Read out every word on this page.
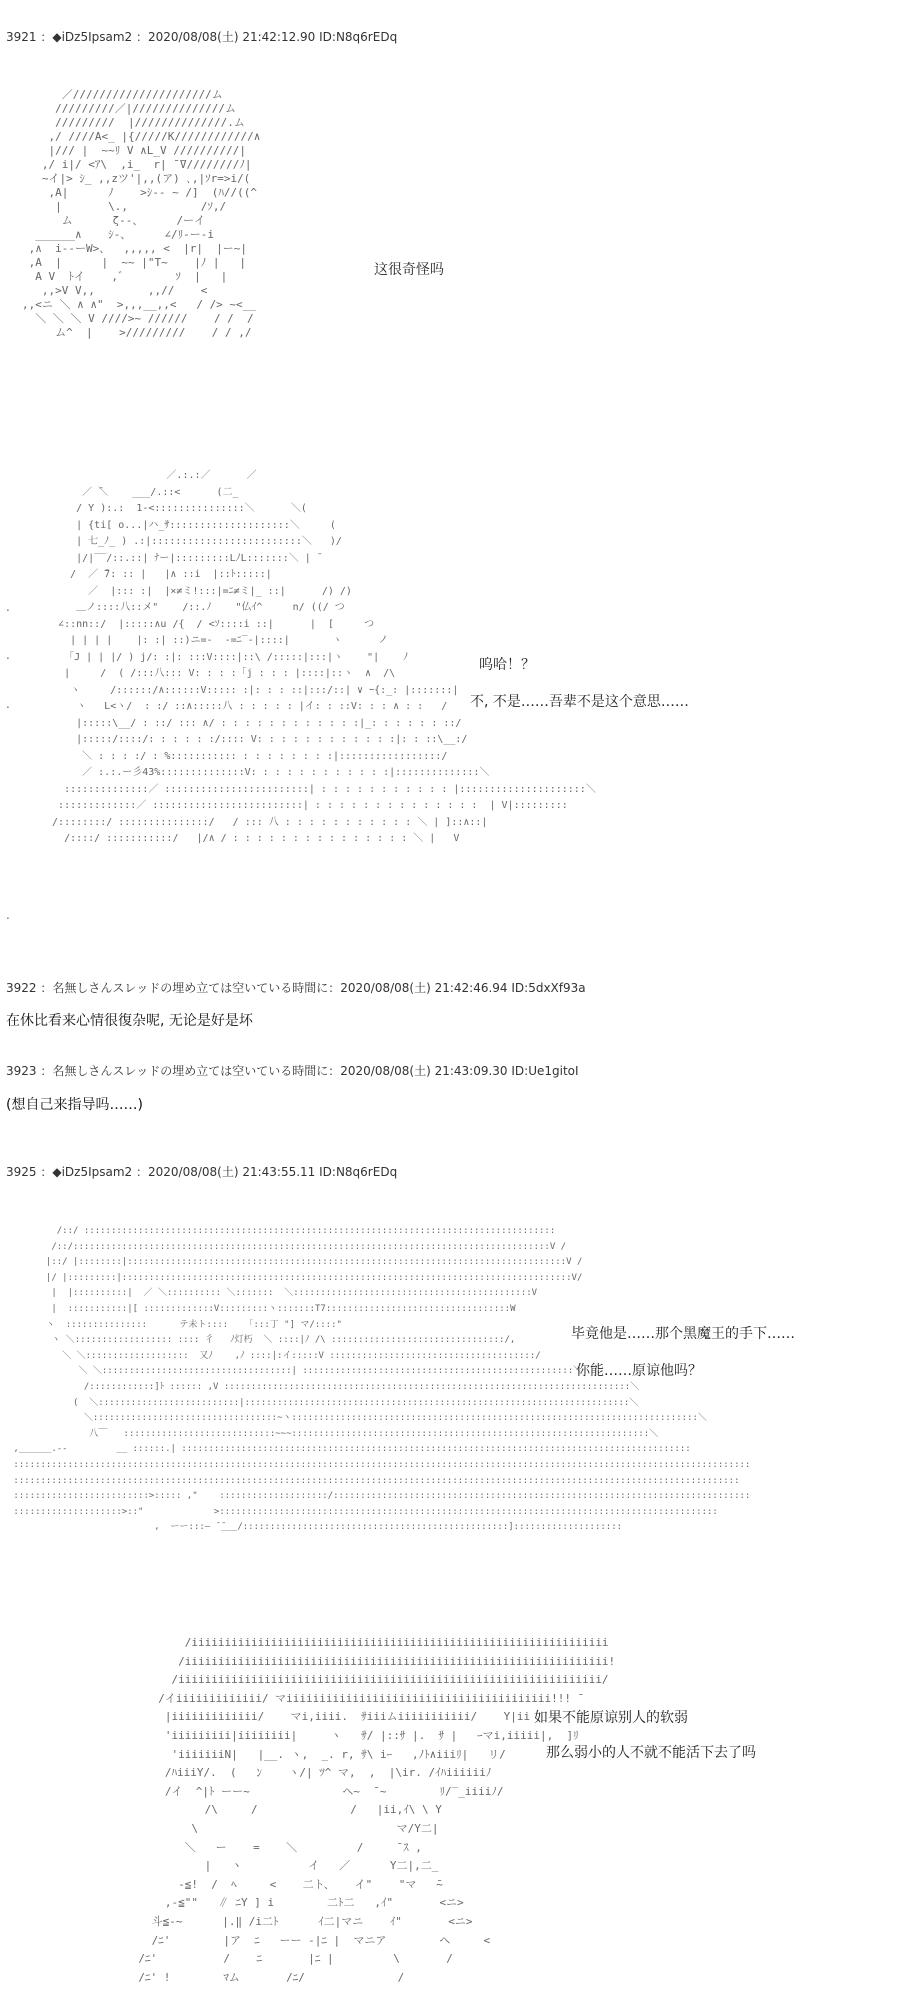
3921 ：◆iDz5Ipsam2 ：2020/08/08(土) 21:42:12.90 ID:N8q6rEDq
／/////////////////////ム
/////////／|//////////////ム
/////////  |//////////////.ム
,/ ////A<_ |{/////K////////////∧
|/// |  ~~ﾘ V ∧L_V //////////|
,/ i|/ <ｱ\  ,i_  r| ̄ ̄V////////ﾉ|
~イ|> ｼ_ ,,zツ'|,,(ア) ､,|ｿr=>i/(
,A|      ﾉ    >ｼ-- ~ /]  (ﾊ//((^
|       \.,           /ｿ,/
ム      ζ--、     /ーイ
______∧    ｼ-、     ∠/ﾘ-ー-i
,∧  i--ーW>、  ,,,,, <  |r|  |ー~|
,A  |      |  ~~ |"T~    |ﾉ |   |
A V  ﾄイ    ,゛       ｿ  |   |
,,>V V,,        ,,//    <
,,<ニ ＼ ∧ ∧"  >,,,__,,<   / /> ~<__
＼ ＼ ＼ V ////>~ //////    / /  /
ム^  |    >/////////    / / ,/
这很奇怪吗
／.:.:／      ／
／ ̄＼    ___/.::<      (二_
/ Y ):.:  1-<:::::::::::::::＼      ＼(
| {ti[ o...|ハ_ｻ::::::::::::::::::::＼     (
| 七_ﾉ_ ) .:|:::::::::::::::::::::::::＼   )/
|/|‾‾/::.::| ﾅー|:::::::::LﾉL:::::::＼ | ̄
/  ／ ̄7: :: |   |∧ ::i  |::ﾄ:::::|
／  |::: :|  |×≠ミ!:::|=ﾆ≠ミ|_ ::|      /) /)
＿ノ::::八::メ"    /::.ﾉ    "仏ｲ^     n/ ((/ つ
∠::nn::/  |:::::∧u /{  / <ｿ::::i ::|      |  [     つ
| | | |    |: :| ::)ニ=-  -=ﾆ‾-|::::|       ヽ      ノ
「J | | |/ ) j/: :|: :::V::::|::\ /:::::|:::|ヽ    "|    ﾉ
|     /  ( /:::八::: V: : : :「j : : : |::::|::ヽ  ∧  /\
ヽ     /::::::/∧::::::V::::: :|: : : ::|:::/::| ∨ ｰ{:_: |:::::::|
ヽ   L<ヽ/  : :/ ::∧:::::八 : : : : : |イ: : ::V: : : ∧ : :   /
|:::::\__/ : ::/ ::: ∧/ : : : : : : : : : : : :|_: : : : : : ::/
|:::::/::::/: : : : : :/:::: V: : : : : : : : : : : :|: : ::\__:/
＼ : : : :/ : %::::::::::: : : : : : : : :|:::::::::::::::::/
／ :.:.ー彡43%::::::::::::::V: : : : : : : : : : : :|::::::::::::::＼
::::::::::::::／ ::::::::::::::::::::::::| : : : : : : : : : : : |:::::::::::::::::::::＼
:::::::::::::／ :::::::::::::::::::::::::| : : : : : : : : : : : : : :  | V|:::::::::
/::::::::/ :::::::::::::::/   / ::: 八 : : : : : : : : : : : ＼ | ]::∧::|
/::::/ :::::::::::/   |/∧ / : : : : : : : : : : : : : : : ＼ |   V
.
.
.
.
呜哈！？
不, 不是……吾辈不是这个意思……
3922 ：名無しさんスレッドの埋め立ては空いている時間に：2020/08/08(土) 21:42:46.94 ID:5dxXf93a
在休比看来心情很復杂呢, 无论是好是坏
3923 ：名無しさんスレッドの埋め立ては空いている時間に：2020/08/08(土) 21:43:09.30 ID:Ue1gitoI
(想自己来指导吗……)
3925 ：◆iDz5Ipsam2 ：2020/08/08(土) 21:43:55.11 ID:N8q6rEDq
/::/ :::::::::::::::::::::::::::::::::::::::::::::::::::::::::::::::::::::::::::::::::::::::
/::/::::::::::::::::::::::::::::::::::::::::::::::::::::::::::::::::::::::::::::::::::::::::V /
|::/ |::::::::|:::::::::::::::::::::::::::::::::::::::::::::::::::::::::::::::::::::::::::::::::V /
|/ |:::::::::|:::::::::::::::::::::::::::::::::::::::::::::::::::::::::::::::::::::::::::::::::::V/
|  |::::::::::|  ／ ＼:::::::::: ＼:::::::  ＼::::::::::::::::::::::::::::::::::::::::::::V
|  :::::::::::|[ :::::::::::::V:::::::::ヽ:::::::T7::::::::::::::::::::::::::::::::::W
ヽ  :::::::::::::::      テ未ト::::   「:::丁 "] マ/::::"
ヽ ＼:::::::::::::::::: :::: 彳   ﾉ灯朽  ＼ ::::|ﾉ /\ ::::::::::::::::::::::::::::::::/,
＼ ＼:::::::::::::::::::  又ﾉ    ,ﾉ ::::|:イ:::::V ::::::::::::::::::::::::::::::::::::::/
＼ ＼:::::::::::::::::::::::::::::::::::| ::::::::::::::::::::::::::::::::::::::::::::::::::＼
/::::::::::::]ﾄ :::::: ,V :::::::::::::::::::::::::::::::::::::::::::::::::::::::::::::::::::::::::::＼
(  ＼::::::::::::::::::::::::::|:::::::::::::::::::::::::::::::::::::::::::::::::::::::::::::::::::::::＼
＼::::::::::::::::::::::::::::::::::~ヽ:::::::::::::::::::::::::::::::::::::::::::::::::::::::::::::::::::::::::::＼
八￣   ::::::::::::::::::::::::::::~~~::::::::::::::::::::::::::::::::::::::::::::::::::::::::::::::::::＼
,______.--         __ ::::::.| ::::::::::::::::::::::::::::::::::::::::::::::::::::::::::::::::::::::::::::::::::::::::::::::
::::::::::::::::::::::::::::::::::::::::::::::::::::::::::::::::::::::::::::::::::::::::::::::::::::::::::::::::::::::::::::::::::::::::
::::::::::::::::::::::::::::::::::::::::::::::::::::::::::::::::::::::::::::::::::::::::::::::::::::::::::::::::::::::::::::::::::::::
:::::::::::::::::::::::::>::::: ,"    ::::::::::::::::::::/:::::::::::::::::::::::::::::::::::::::::::::::::::::::::::::::::::::::::::::
::::::::::::::::::::>::"             >::::::::::::::::::::::::::::::::::::::::::::::::::::::::::::::::::::::::::::::::::::::::::::
,  ーー:::― ̄ ̄___/:::::::::::::::::::::::::::::::::::::::::::::::::]::::::::::::::::::::
毕竟他是……那个黑魔王的手下……
你能……原谅他吗？
/iiiiiiiiiiiiiiiiiiiiiiiiiiiiiiiiiiiiiiiiiiiiiiiiiiiiiiiiiiiiiii
/iiiiiiiiiiiiiiiiiiiiiiiiiiiiiiiiiiiiiiiiiiiiiiiiiiiiiiiiiiiiiiii!
/iiiiiiiiiiiiiiiiiiiiiiiiiiiiiiiiiiiiiiiiiiiiiiiiiiiiiiiiiiiiiiii/
/イiiiiiiiiiiiii/ マiiiiiiiiiiiiiiiiiiiiiiiiiiiiiiiiiiiiiiii!!! ̄
|iiiiiiiiiiiii/    マi,iiii.  ｻiiiムiiiiiiiiiii/    Y|ii
'iiiiiiiii|iiiiiiii|     ヽ   ｻ/ |::ｻ |.  ｻ |   ｰマi,iiiii|,  ]ﾘ
'iiiiiiiN|   |__. ヽ,  _. r, ｻ\ iｰ   ,ﾉﾄ∧iiiﾘ|   リ/
/ﾊiiiY/.  (   ﾝ    ヽ/| ﾂ^ マ,  ,  |\ir. /ｲﾊiiiiiiﾉ
/イ  ^|ﾄ ーー~              ヘ~  ̄ ~        ﾘ/‾_iiiiﾉ/
/\     /              /   |ii,ｲ\ \ Y
\                              マ/Y二|
＼   ー    =    ＼         /     ̄ ｽ ,
|   ヽ          イ   ／      Y二|,二_
-≦!  /  ﾍ     <    二ト、   イ"    "マ   ̄~
,-≦""   ∥ ﾆY ] i        二ﾄ二   ,ｲ"       <ニ>
斗≦-~      |.‖ /i二ﾄ      ｲ二|マニ    ｲ"       <ニ>
/ﾆ'        |ア  ﾆ   ーー -|ﾆ |  マニア        ヘ     <
/ﾆ'          /    ﾆ       |ﾆ |         \       /
/ﾆ' !        ﾏム       /ﾆ/              /
如果不能原谅别人的软弱
那么弱小的人不就不能活下去了吗
